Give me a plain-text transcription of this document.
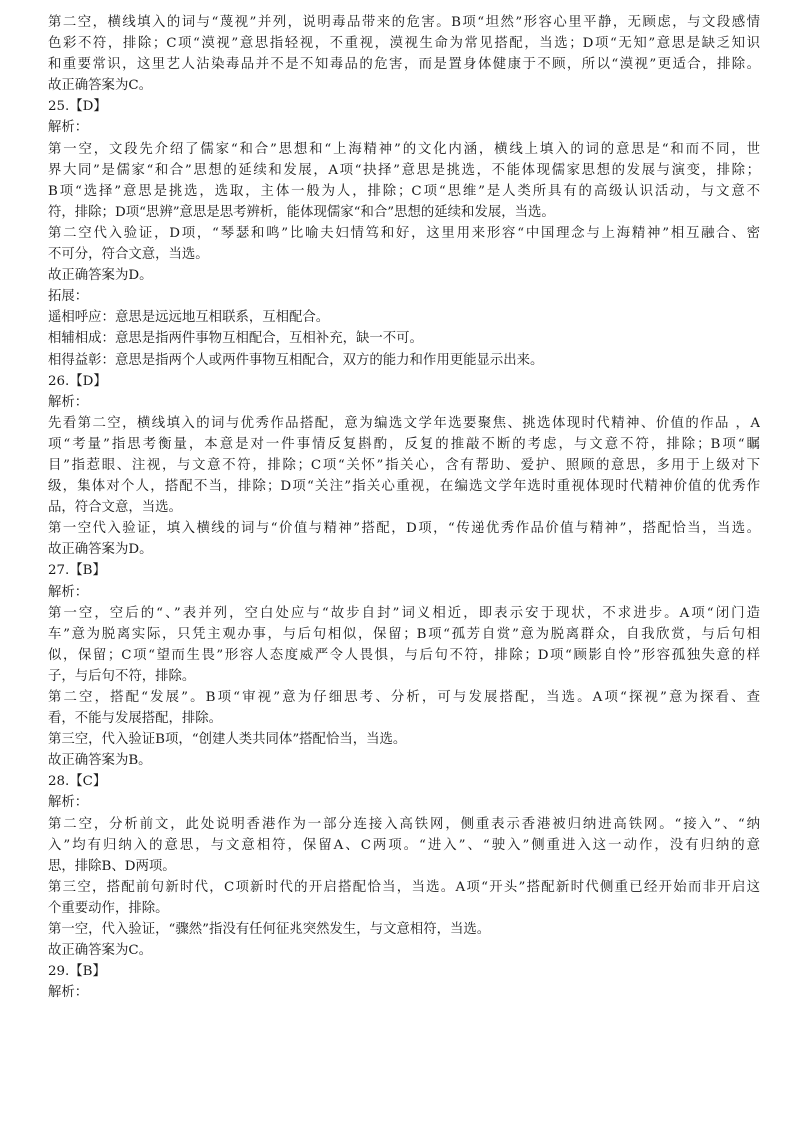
第二空，横线填入的词与“蔑视”并列，说明毒品带来的危害。B项“坦然”形容心里平静，无顾虑，与文段感情
色彩不符，排除；C项“漠视”意思指轻视，不重视，漠视生命为常见搭配，当选；D项“无知”意思是缺乏知识
和重要常识，这里艺人沾染毒品并不是不知毒品的危害，而是置身体健康于不顾，所以“漠视”更适合，排除。
故正确答案为C。
25.【D】
解析：
第一空，文段先介绍了儒家“和合”思想和“上海精神”的文化内涵，横线上填入的词的意思是“和而不同，世
界大同”是儒家“和合”思想的延续和发展，A项“抉择”意思是挑选，不能体现儒家思想的发展与演变，排除；
B项“选择”意思是挑选，选取，主体一般为人，排除；C项“思维”是人类所具有的高级认识活动，与文意不
符，排除；D项“思辨”意思是思考辨析，能体现儒家“和合”思想的延续和发展，当选。
第二空代入验证，D项，“琴瑟和鸣”比喻夫妇情笃和好，这里用来形容“中国理念与上海精神”相互融合、密
不可分，符合文意，当选。
故正确答案为D。
拓展：
遥相呼应：意思是远远地互相联系，互相配合。
相辅相成：意思是指两件事物互相配合，互相补充，缺一不可。
相得益彰：意思是指两个人或两件事物互相配合，双方的能力和作用更能显示出来。
26.【D】
解析：
先看第二空，横线填入的词与优秀作品搭配，意为编选文学年选要聚焦、挑选体现时代精神、价值的作品 ，A
项“考量”指思考衡量，本意是对一件事情反复斟酌，反复的推敲不断的考虑，与文意不符，排除；B项“瞩
目”指惹眼、注视，与文意不符，排除；C项“关怀”指关心，含有帮助、爱护、照顾的意思，多用于上级对下
级，集体对个人，搭配不当，排除；D项“关注”指关心重视，在编选文学年选时重视体现时代精神价值的优秀作
品，符合文意，当选。
第一空代入验证，填入横线的词与“价值与精神”搭配，D项，“传递优秀作品价值与精神”，搭配恰当，当选。
故正确答案为D。
27.【B】
解析：
第一空，空后的“、”表并列，空白处应与“故步自封”词义相近，即表示安于现状，不求进步。A项“闭门造
车”意为脱离实际，只凭主观办事，与后句相似，保留；B项“孤芳自赏”意为脱离群众，自我欣赏，与后句相
似，保留；C项“望而生畏”形容人态度威严令人畏惧，与后句不符，排除；D项“顾影自怜”形容孤独失意的样
子，与后句不符，排除。
第二空，搭配“发展”。B项“审视”意为仔细思考、分析，可与发展搭配，当选。A项“探视”意为探看、查
看，不能与发展搭配，排除。
第三空，代入验证B项，“创建人类共同体”搭配恰当，当选。
故正确答案为B。
28.【C】
解析：
第二空，分析前文，此处说明香港作为一部分连接入高铁网，侧重表示香港被归纳进高铁网。“接入”、“纳
入”均有归纳入的意思，与文意相符，保留A、C两项。“进入”、“驶入”侧重进入这一动作，没有归纳的意
思，排除B、D两项。
第三空，搭配前句新时代，C项新时代的开启搭配恰当，当选。A项“开头”搭配新时代侧重已经开始而非开启这
个重要动作，排除。
第一空，代入验证，“骤然”指没有任何征兆突然发生，与文意相符，当选。
故正确答案为C。
29.【B】
解析：
